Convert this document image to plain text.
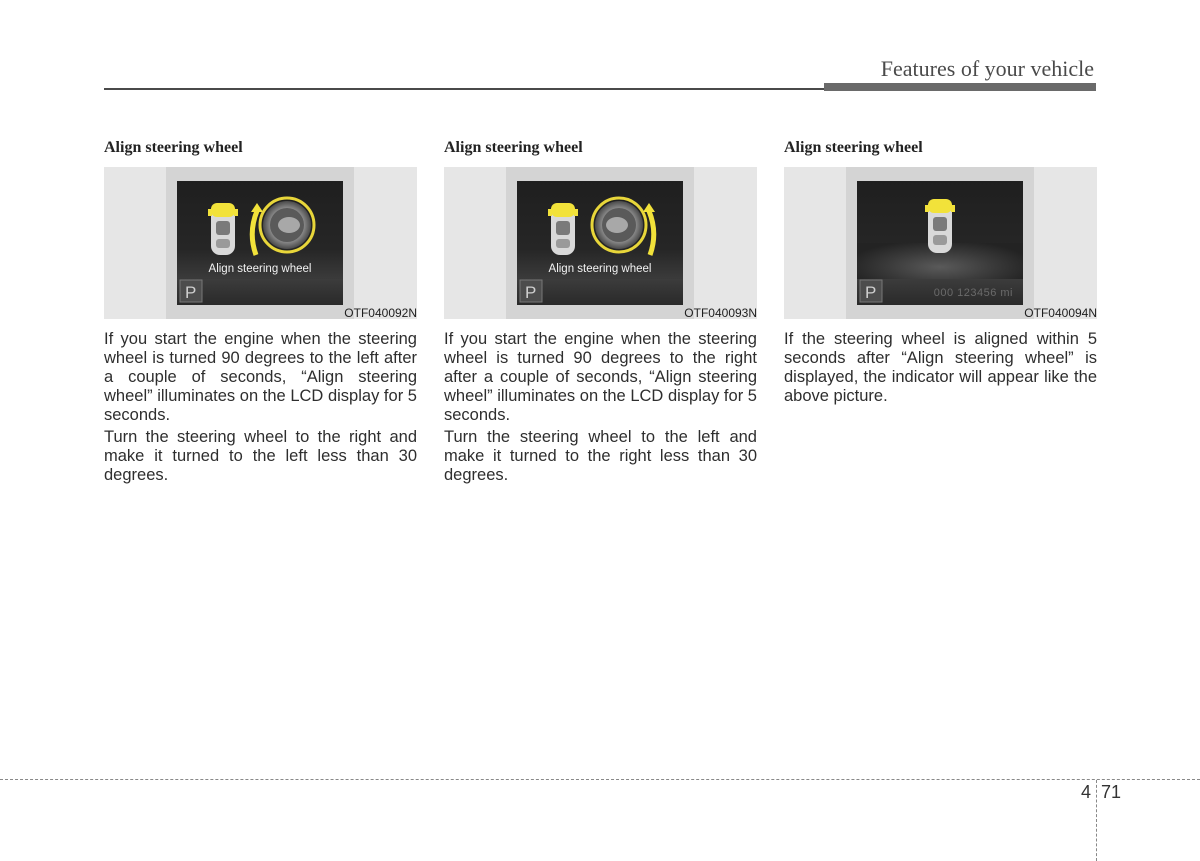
Features of your vehicle
Align steering wheel
Align steering wheel
P
OTF040092N

If you start the engine when the steering wheel is turned 90 degrees to the left after a couple of seconds, “Align steering wheel” illuminates on the LCD display for 5 seconds.

Turn the steering wheel to the right and make it turned to the left less than 30 degrees.

Align steering wheel
Align steering wheel
P
OTF040093N

If you start the engine when the steering wheel is turned 90 degrees to the right after a couple of seconds, “Align steering wheel” illuminates on the LCD display for 5 seconds.

Turn the steering wheel to the left and make it turned to the right less than 30 degrees.

Align steering wheel
000 123456 mi
P
OTF040094N

If the steering wheel is aligned within 5 seconds after “Align steering wheel” is displayed, the indicator will appear like the above picture.

4 71
